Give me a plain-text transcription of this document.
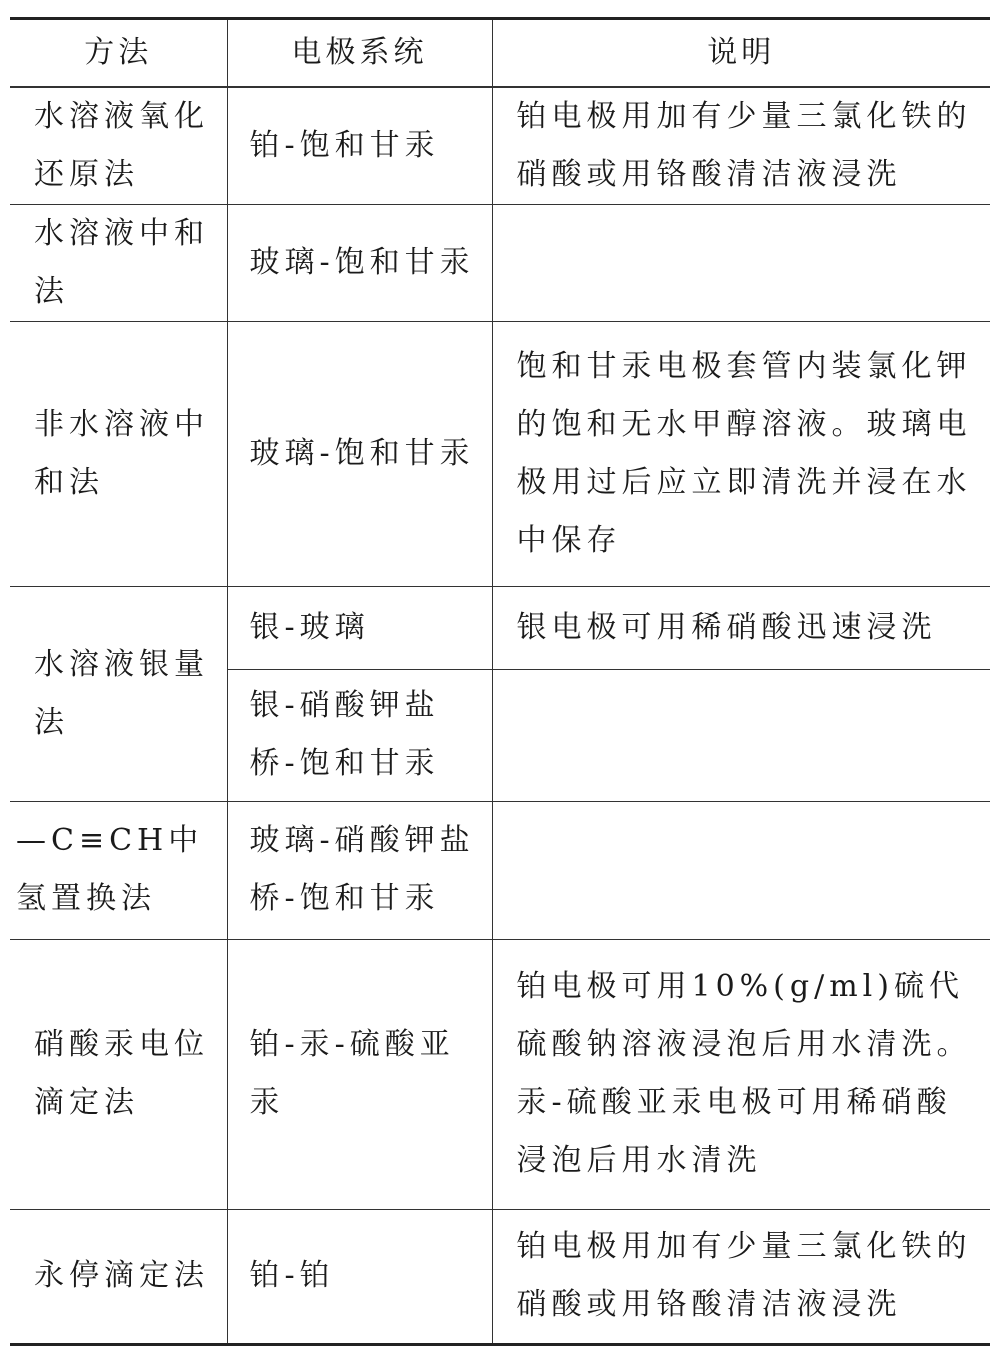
方法	电极系统	说明
水溶液氧化还原法	铂-饱和甘汞	铂电极用加有少量三氯化铁的硝酸或用铬酸清洁液浸洗
水溶液中和法	玻璃-饱和甘汞	
非水溶液中和法	玻璃-饱和甘汞	饱和甘汞电极套管内装氯化钾的饱和无水甲醇溶液。玻璃电极用过后应立即清洗并浸在水中保存
水溶液银量法	银-玻璃	银电极可用稀硝酸迅速浸洗
	银-硝酸钾盐桥-饱和甘汞	
—C≡CH中氢置换法	玻璃-硝酸钾盐桥-饱和甘汞	
硝酸汞电位滴定法	铂-汞-硫酸亚汞	铂电极可用10%(g/ml)硫代硫酸钠溶液浸泡后用水清洗。汞-硫酸亚汞电极可用稀硝酸浸泡后用水清洗
永停滴定法	铂-铂	铂电极用加有少量三氯化铁的硝酸或用铬酸清洁液浸洗
